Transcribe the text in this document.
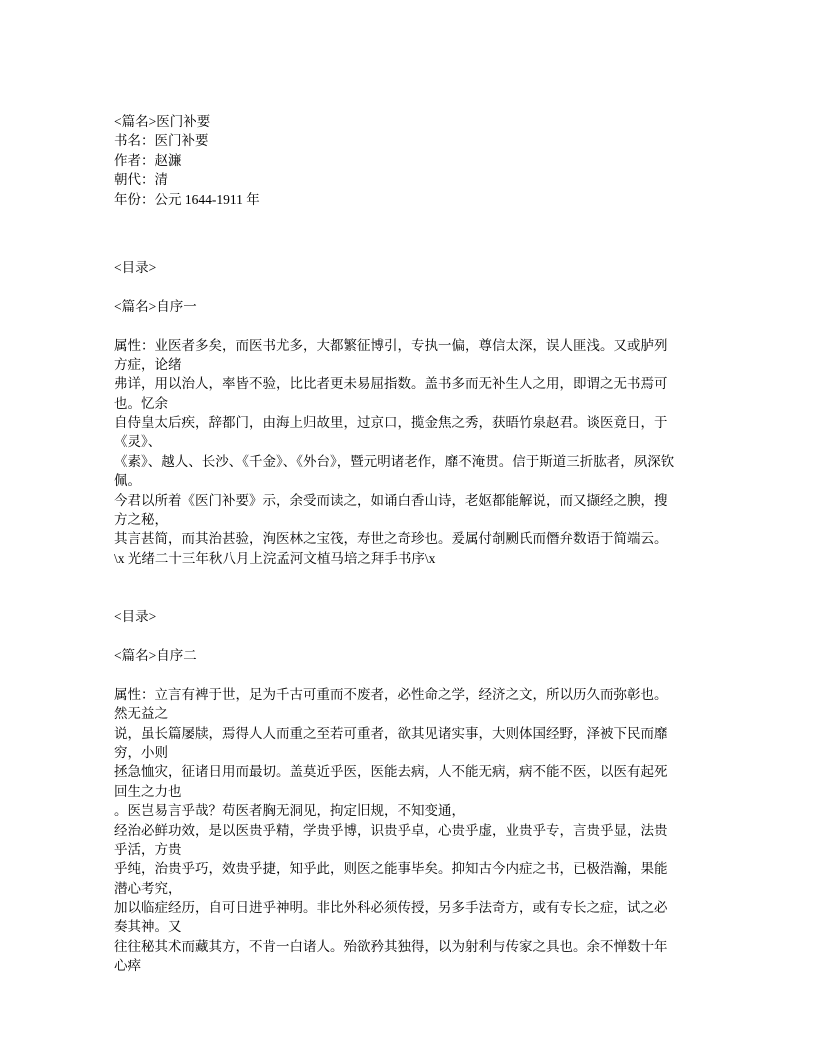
<篇名>医门补要
书名：医门补要
作者：赵濂
朝代：清
年份：公元 1644-1911 年
<目录>
<篇名>自序一
属性：业医者多矣，而医书尤多，大都繁征博引，专执一偏，尊信太深，误人匪浅。又或胪列
方症，论绪
弗详，用以治人，率皆不验，比比者更未易屈指数。盖书多而无补生人之用，即谓之无书焉可
也。忆余
自侍皇太后疾，辞都门，由海上归故里，过京口，揽金焦之秀，获晤竹泉赵君。谈医竟日，于
《灵》、
《素》、越人、长沙、《千金》、《外台》，暨元明诸老作，靡不淹贯。信于斯道三折肱者，夙深钦
佩。
今君以所着《医门补要》示，余受而读之，如诵白香山诗，老妪都能解说，而又撷经之腴，搜
方之秘，
其言甚简，而其治甚验，洵医林之宝筏，寿世之奇珍也。爰属付剞劂氏而僭弁数语于简端云。
\x 光绪二十三年秋八月上浣孟河文植马培之拜手书序\x
<目录>
<篇名>自序二
属性：立言有裨于世，足为千古可重而不废者，必性命之学，经济之文，所以历久而弥彰也。
然无益之
说，虽长篇屡牍，焉得人人而重之至若可重者，欲其见诸实事，大则体国经野，泽被下民而靡
穷，小则
拯急恤灾，征诸日用而最切。盖莫近乎医，医能去病，人不能无病，病不能不医，以医有起死
回生之力也
。医岂易言乎哉？苟医者胸无洞见，拘定旧规，不知变通，
经治必鲜功效，是以医贵乎精，学贵乎博，识贵乎卓，心贵乎虚，业贵乎专，言贵乎显，法贵
乎活，方贵
乎纯，治贵乎巧，效贵乎捷，知乎此，则医之能事毕矣。抑知古今内症之书，已极浩瀚，果能
潜心考究，
加以临症经历，自可日进乎神明。非比外科必须传授，另多手法奇方，或有专长之症，试之必
奏其神。又
往往秘其术而藏其方，不肯一白诸人。殆欲矜其独得，以为射利与传家之具也。余不惮数十年
心瘁
